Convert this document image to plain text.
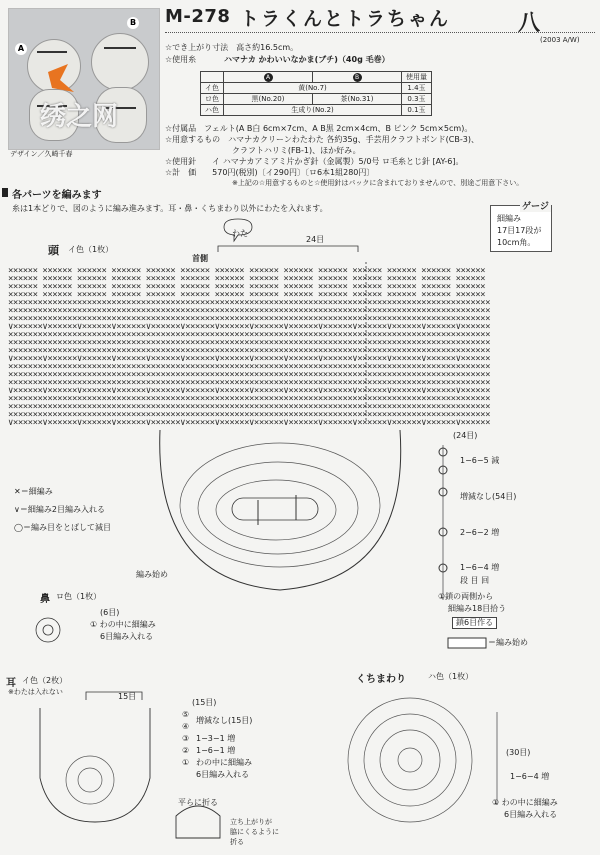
A
B
绣之网
デザイン／久崎千春
M-278 トラくんとトラちゃん	八
(2003 A/W)
☆でき上がり寸法　高さ約16.5cm。
☆使用糸	ハマナカ かわいいなかま(ブチ)（40g 毛巻）
	A	B	使用量
イ色	黄(No.7)		1.4玉
ロ色	黒(No.20)	茶(No.31)	0.3玉
ハ色	生成り(No.2)		0.1玉
☆付属品　フェルト(A B白 6cm×7cm、A B黒 2cm×4cm、B ピンク 5cm×5cm)。
☆用意するもの　ハマナカクリーンわたわた 各約35g、手芸用クラフトボンド(CB-3)、
クラフトハリミ(FB-1)、ほか好み。
☆使用針　　イ ハマナカアミアミ片かぎ針（金属製）5/0号 ロ毛糸とじ針 [AY-6]。
☆計　価　　570円(税別)〔イ290円〕〔ロ6本1組280円〕
※上記の☆用意するものと☆使用針はパックに含まれておりませんので、別途ご用意下さい。
各パーツを編みます
糸は1本どりで、図のように編み進みます。耳・鼻・くちまわり以外にわたを入れます。
細編み
17目17段が
10cm角。
ゲージ
頭 イ色（1枚）
わた
首側
24目
×××××× ×××××× ×××××× ×××××× ×××××× ×××××× ×××××× ×××××× ×××××× ×××××× ×××××× ×××××× ×××××× ××××××
×××××× ×××××× ×××××× ×××××× ×××××× ×××××× ×××××× ×××××× ×××××× ×××××× ×××××× ×××××× ×××××× ××××××
×××××× ×××××× ×××××× ×××××× ×××××× ×××××× ×××××× ×××××× ×××××× ×××××× ×××××× ×××××× ×××××× ××××××
×××××× ×××××× ×××××× ×××××× ×××××× ×××××× ×××××× ×××××× ×××××× ×××××× ×××××× ×××××× ×××××× ××××××
××××××××××××××××××××××××××××××××××××××××××××××××××××××××××××××××××××××××××××××××××××××××××××××××××
××××××××××××××××××××××××××××××××××××××××××××××××××××××××××××××××××××××××××××××××××××××××××××××××××
××××××××××××××××××××××××××××××××××××××××××××××××××××××××××××××××××××××××××××××××××××××××××××××××××
∨××××××∨××××××∨××××××∨××××××∨××××××∨××××××∨××××××∨××××××∨××××××∨××××××∨××××××∨××××××∨××××××∨××××××
××××××××××××××××××××××××××××××××××××××××××××××××××××××××××××××××××××××××××××××××××××××××××××××××××
××××××××××××××××××××××××××××××××××××××××××××××××××××××××××××××××××××××××××××××××××××××××××××××××××
××××××××××××××××××××××××××××××××××××××××××××××××××××××××××××××××××××××××××××××××××××××××××××××××××
∨××××××∨××××××∨××××××∨××××××∨××××××∨××××××∨××××××∨××××××∨××××××∨××××××∨××××××∨××××××∨××××××∨××××××
××××××××××××××××××××××××××××××××××××××××××××××××××××××××××××××××××××××××××××××××××××××××××××××××××
××××××××××××××××××××××××××××××××××××××××××××××××××××××××××××××××××××××××××××××××××××××××××××××××××
××××××××××××××××××××××××××××××××××××××××××××××××××××××××××××××××××××××××××××××××××××××××××××××××××
∨××××××∨××××××∨××××××∨××××××∨××××××∨××××××∨××××××∨××××××∨××××××∨××××××∨××××××∨××××××∨××××××∨××××××
××××××××××××××××××××××××××××××××××××××××××××××××××××××××××××××××××××××××××××××××××××××××××××××××××
××××××××××××××××××××××××××××××××××××××××××××××××××××××××××××××××××××××××××××××××××××××××××××××××××
××××××××××××××××××××××××××××××××××××××××××××××××××××××××××××××××××××××××××××××××××××××××××××××××××
∨××××××∨××××××∨××××××∨××××××∨××××××∨××××××∨××××××∨××××××∨××××××∨××××××∨××××××∨××××××∨××××××∨××××××
(24目)
1−6−5 減
増減なし(54目)
2−6−2 増
1−6−4 増
段 目 回
①鎖の両側から
細編み18目拾う
鎖6目作る
＝編み始め
編み始め
✕＝細編み
∨＝細編み2目編み入れる
◯＝編み目をとばして減目
鼻 ロ色（1枚）
(6目)
① わの中に細編み
6目編み入れる
耳 イ色（2枚）
※わたは入れない	15目
(15目)
⑤
④
増減なし(15目)
③ 1−3−1 増
② 1−6−1 増
① わの中に細編み
6目編み入れる
平らに折る
立ち上がりが
脇にくるように
折る
くちまわり	ハ色（1枚）
(30目)
1−6−4 増
① わの中に細編み
6目編み入れる
